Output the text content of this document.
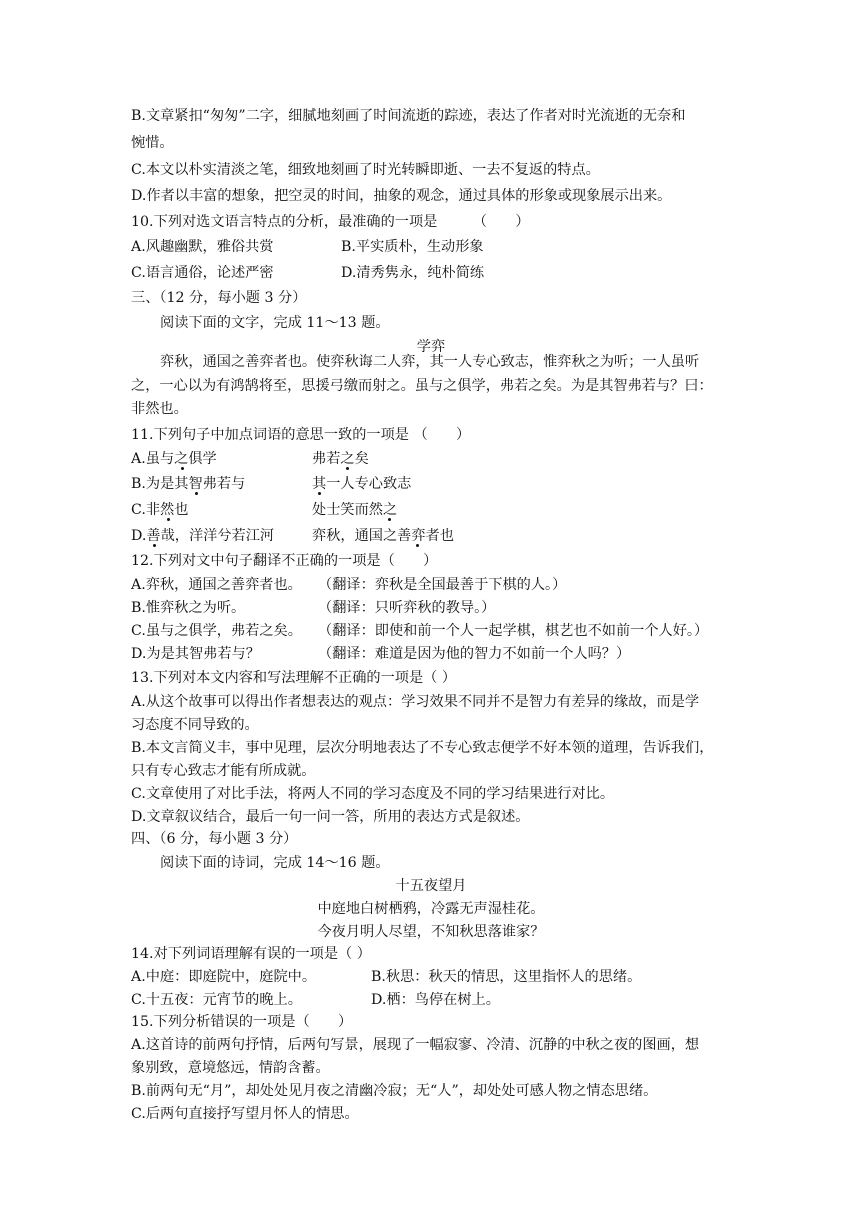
B.文章紧扣“匆匆”二字，细腻地刻画了时间流逝的踪迹，表达了作者对时光流逝的无奈和
惋惜。
C.本文以朴实清淡之笔，细致地刻画了时光转瞬即逝、一去不复返的特点。
D.作者以丰富的想象，把空灵的时间，抽象的观念，通过具体的形象或现象展示出来。
10.下列对选文语言特点的分析，最准确的一项是　　　（　　）
A.风趣幽默，雅俗共赏	B.平实质朴，生动形象
C.语言通俗，论述严密	D.清秀隽永，纯朴简练
三、（12 分，每小题 3 分）
阅读下面的文字，完成 11～13 题。
学弈
弈秋，通国之善弈者也。使弈秋诲二人弈，其一人专心致志，惟弈秋之为听；一人虽听
之，一心以为有鸿鹄将至，思援弓缴而射之。虽与之俱学，弗若之矣。为是其智弗若与？曰：
非然也。
11.下列句子中加点词语的意思一致的一项是 （　　）
A.虽与之俱学	弗若之矣
B.为是其智弗若与	其一人专心致志
C.非然也	处士笑而然之
D.善哉，洋洋兮若江河	弈秋，通国之善弈者也
12.下列对文中句子翻译不正确的一项是（　　）
A.弈秋，通国之善弈者也。 （翻译：弈秋是全国最善于下棋的人。）
B.惟弈秋之为听。	（翻译：只听弈秋的教导。）
C.虽与之俱学，弗若之矣。 （翻译：即使和前一个人一起学棋，棋艺也不如前一个人好。）
D.为是其智弗若与？	（翻译：难道是因为他的智力不如前一个人吗？）
13.下列对本文内容和写法理解不正确的一项是（ ）
A.从这个故事可以得出作者想表达的观点：学习效果不同并不是智力有差异的缘故，而是学
习态度不同导致的。
B.本文言简义丰，事中见理，层次分明地表达了不专心致志便学不好本领的道理，告诉我们，
只有专心致志才能有所成就。
C.文章使用了对比手法，将两人不同的学习态度及不同的学习结果进行对比。
D.文章叙议结合，最后一句一问一答，所用的表达方式是叙述。
四、（6 分，每小题 3 分）
阅读下面的诗词，完成 14～16 题。
十五夜望月
中庭地白树栖鸦，冷露无声湿桂花。
今夜月明人尽望，不知秋思落谁家？
14.对下列词语理解有误的一项是（ ）
A.中庭：即庭院中，庭院中。	B.秋思：秋天的情思，这里指怀人的思绪。
C.十五夜：元宵节的晚上。	D.栖：鸟停在树上。
15.下列分析错误的一项是（　　）
A.这首诗的前两句抒情，后两句写景，展现了一幅寂寥、冷清、沉静的中秋之夜的图画，想
象别致，意境悠远，情韵含蓄。
B.前两句无“月”，却处处见月夜之清幽冷寂；无“人”，却处处可感人物之情态思绪。
C.后两句直接抒写望月怀人的情思。
